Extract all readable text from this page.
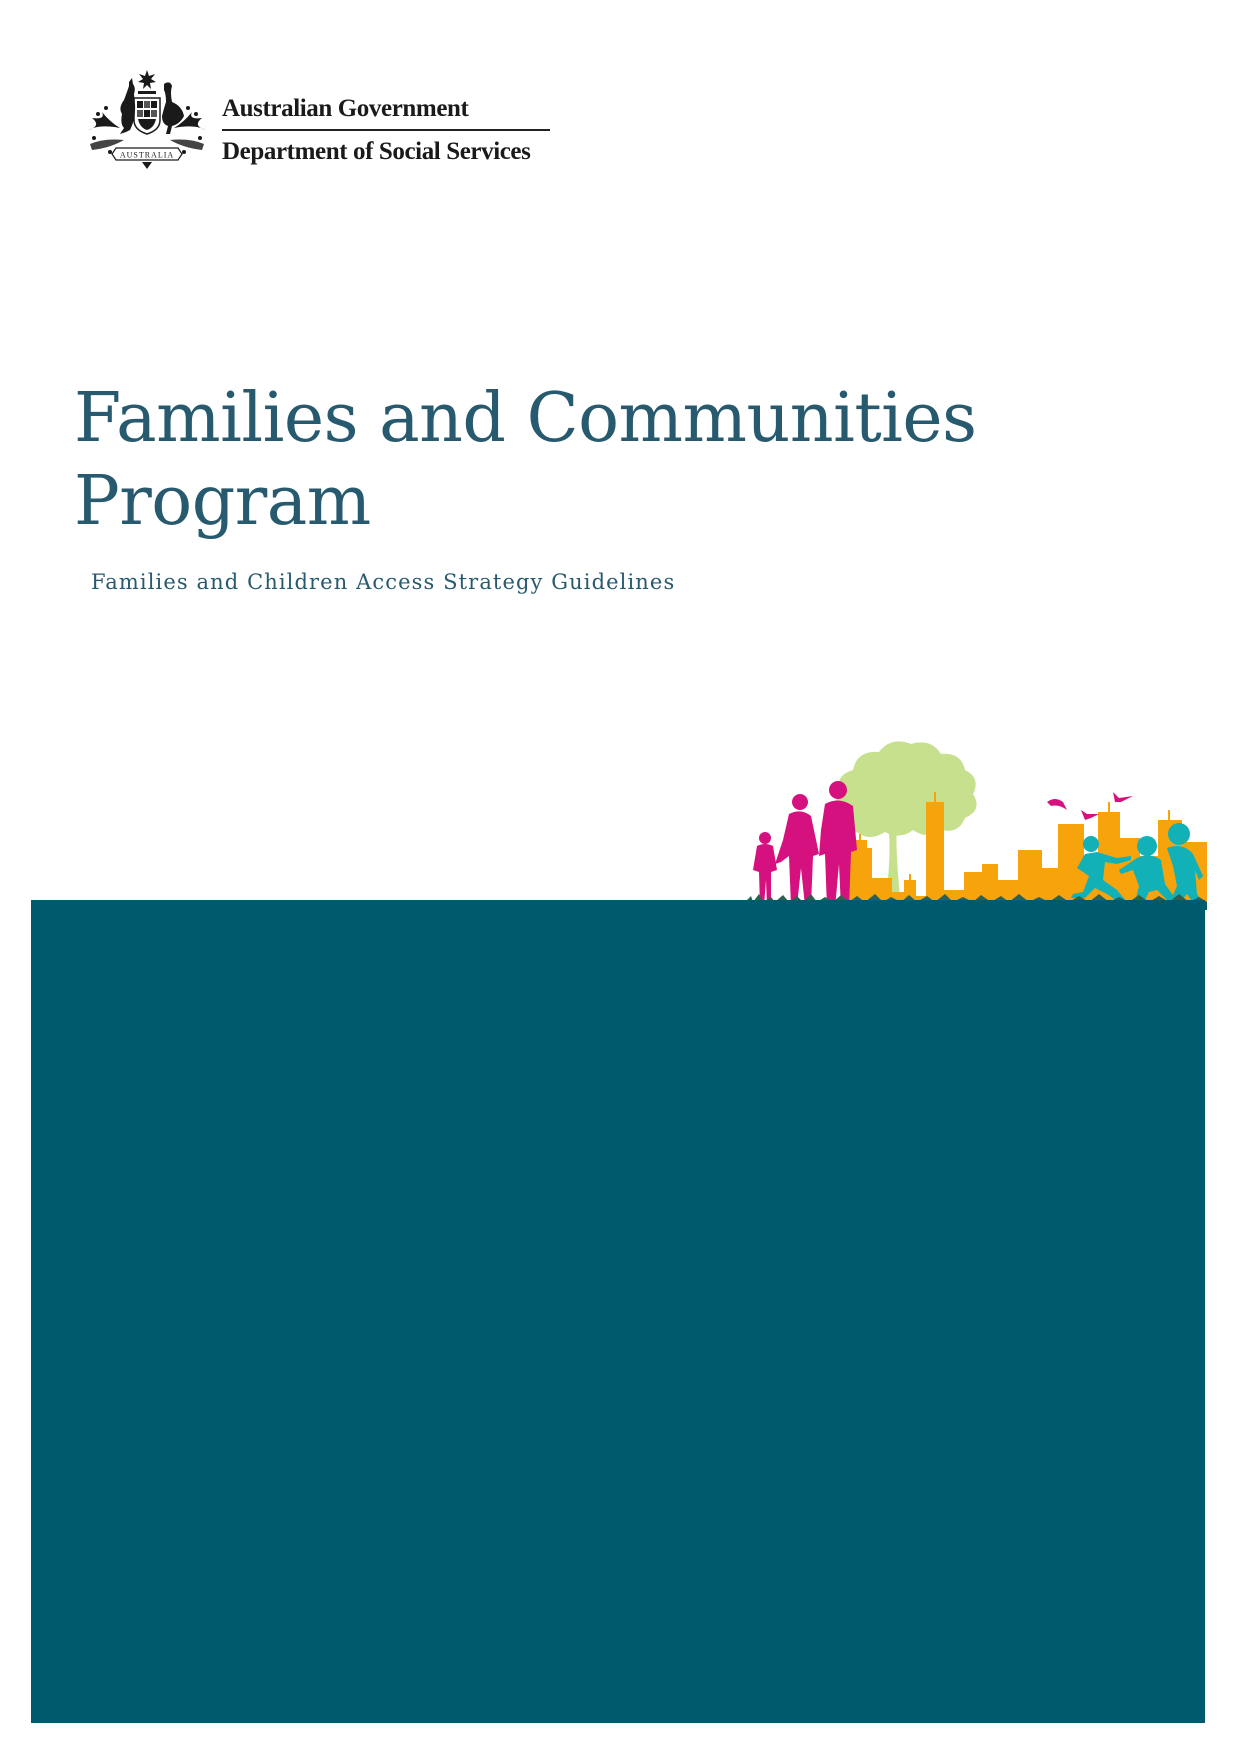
AUSTRALIA
Australian Government
Department of Social Services
Families and Communities
Program
Families and Children Access Strategy Guidelines
